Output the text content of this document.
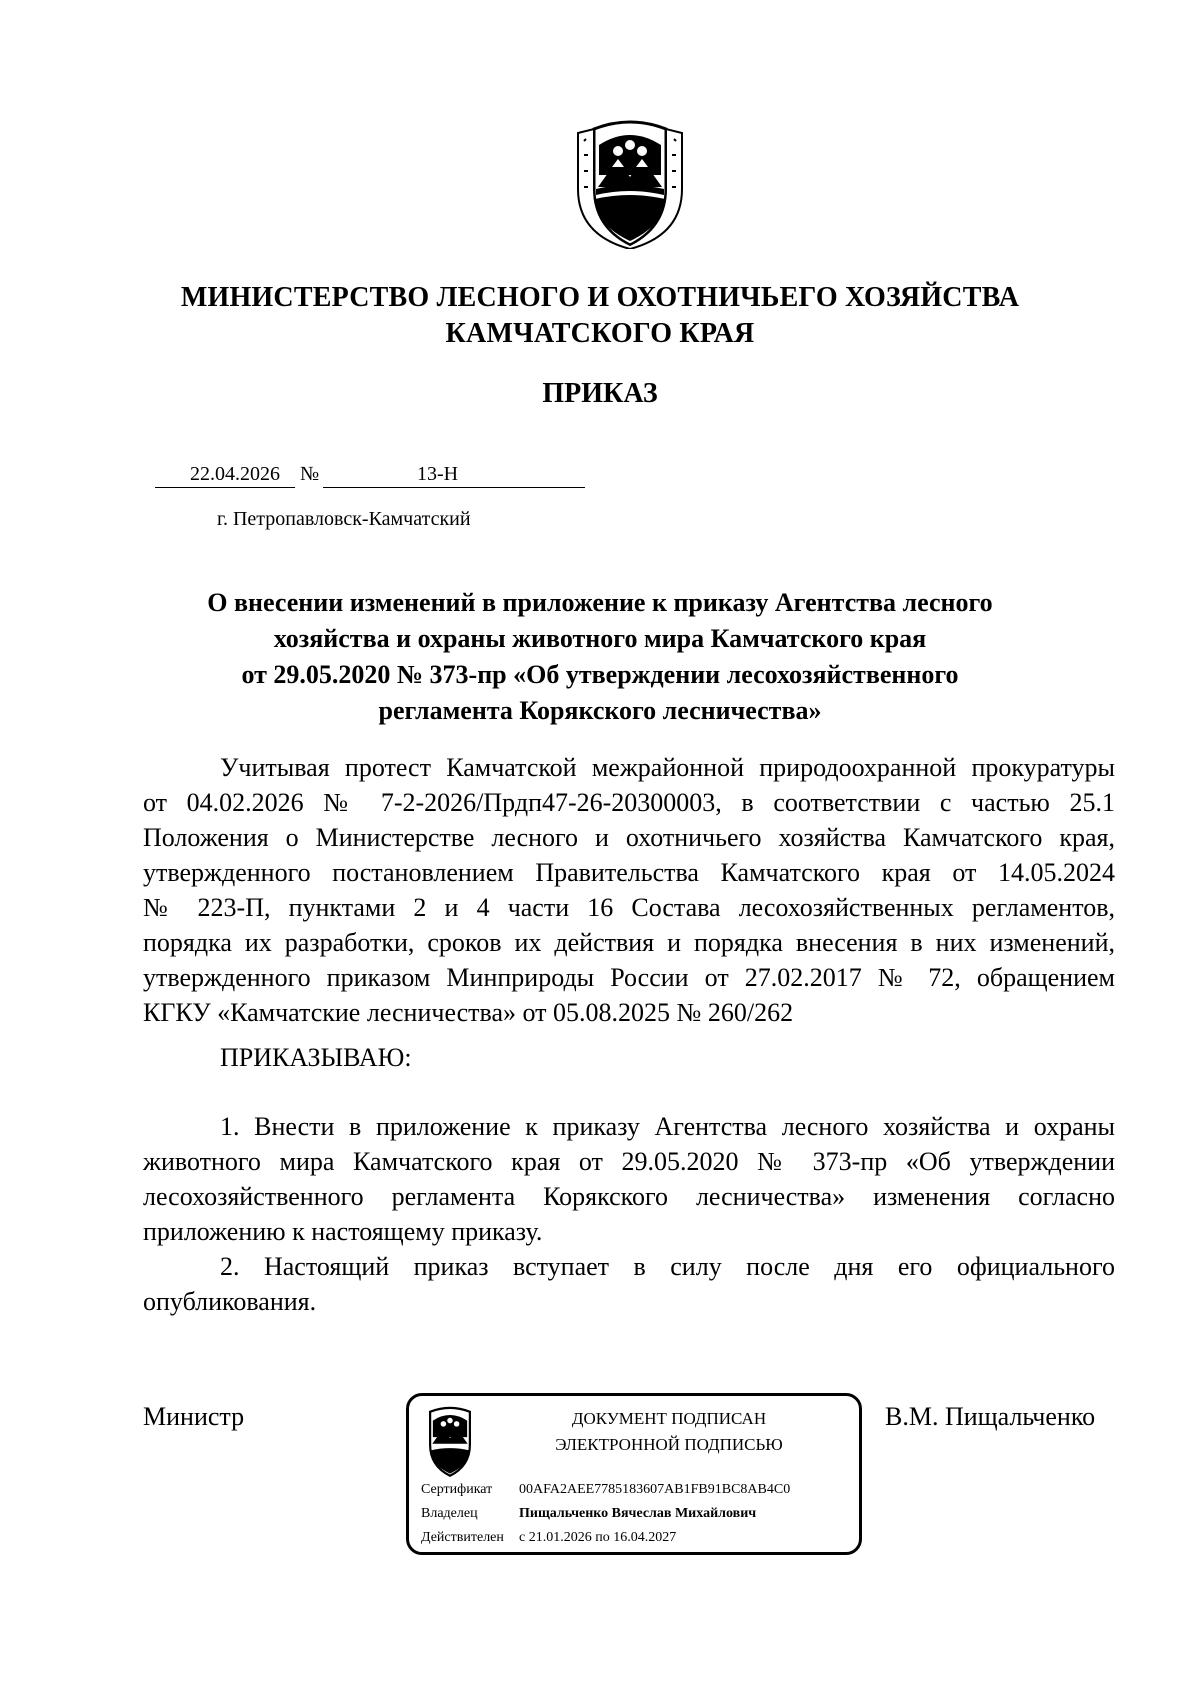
МИНИСТЕРСТВО ЛЕСНОГО И ОХОТНИЧЬЕГО ХОЗЯЙСТВА
КАМЧАТСКОГО КРАЯ
ПРИКАЗ
22.04.2026 №	13-Н
г. Петропавловск-Камчатский
О внесении изменений в приложение к приказу Агентства лесного
хозяйства и охраны животного мира Камчатского края
от 29.05.2020 № 373-пр «Об утверждении лесохозяйственного
регламента Корякского лесничества»
Учитывая протест Камчатской межрайонной природоохранной прокуратуры
от 04.02.2026 № 7-2-2026/Прдп47-26-20300003, в соответствии с частью 25.1
Положения о Министерстве лесного и охотничьего хозяйства Камчатского края,
утвержденного постановлением Правительства Камчатского края от 14.05.2024
№ 223-П, пунктами 2 и 4 части 16 Состава лесохозяйственных регламентов,
порядка их разработки, сроков их действия и порядка внесения в них изменений,
утвержденного приказом Минприроды России от 27.02.2017 № 72, обращением
КГКУ «Камчатские лесничества» от 05.08.2025 № 260/262
ПРИКАЗЫВАЮ:
1. Внести в приложение к приказу Агентства лесного хозяйства и охраны
животного мира Камчатского края от 29.05.2020 № 373-пр «Об утверждении
лесохозяйственного регламента Корякского лесничества» изменения согласно
приложению к настоящему приказу.
2. Настоящий приказ вступает в силу после дня его официального
опубликования.
Министр	В.М. Пищальченко
ДОКУМЕНТ ПОДПИСАН
ЭЛЕКТРОННОЙ ПОДПИСЬЮ
Сертификат 00AFA2AEE7785183607AB1FB91BC8AB4C0
Владелец	Пищальченко Вячеслав Михайлович
Действителен с 21.01.2026 по 16.04.2027
